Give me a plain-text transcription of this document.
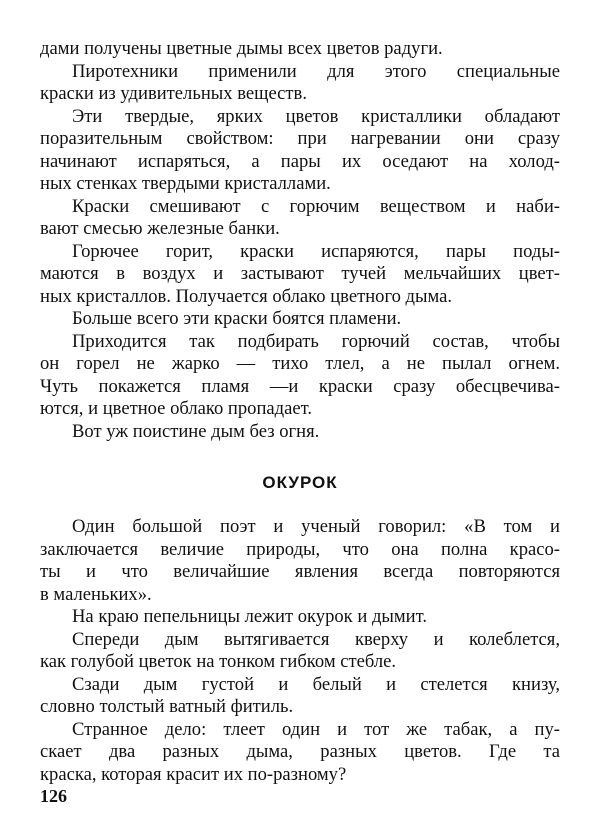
дами получены цветные дымы всех цветов радуги.
Пиротехники применили для этого специальные
краски из удивительных веществ.
Эти твердые, ярких цветов кристаллики обладают
поразительным свойством: при нагревании они сразу
начинают испаряться, а пары их оседают на холод-
ных стенках твердыми кристаллами.
Краски смешивают с горючим веществом и наби-
вают смесью железные банки.
Горючее горит, краски испаряются, пары поды-
маются в воздух и застывают тучей мельчайших цвет-
ных кристаллов. Получается облако цветного дыма.
Больше всего эти краски боятся пламени.
Приходится так подбирать горючий состав, чтобы
он горел не жарко — тихо тлел, а не пылал огнем.
Чуть покажется пламя —и краски сразу обесцвечива-
ются, и цветное облако пропадает.
Вот уж поистине дым без огня.
ОКУРОК
Один большой поэт и ученый говорил: «В том и
заключается величие природы, что она полна красо-
ты и что величайшие явления всегда повторяются
в маленьких».
На краю пепельницы лежит окурок и дымит.
Спереди дым вытягивается кверху и колеблется,
как голубой цветок на тонком гибком стебле.
Сзади дым густой и белый и стелется книзу,
словно толстый ватный фитиль.
Странное дело: тлеет один и тот же табак, а пу-
скает два разных дыма, разных цветов. Где та
краска, которая красит их по-разному?
126
